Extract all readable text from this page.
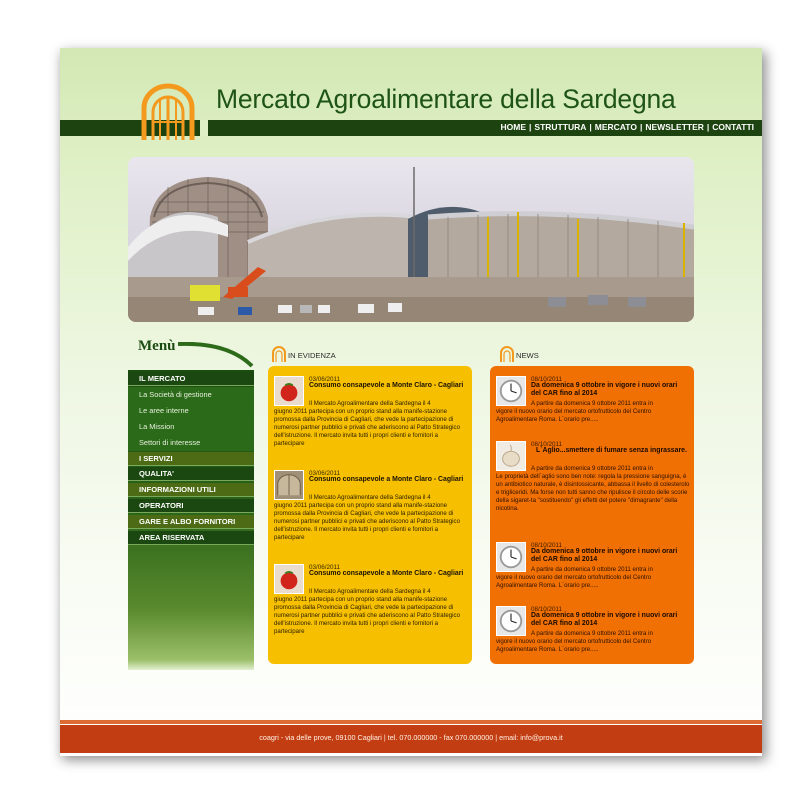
Mercato Agroalimentare della Sardegna
HOME | STRUTTURA | MERCATO | NEWSLETTER | CONTATTI
Menù
IL MERCATO
La Società di gestione
Le aree interne
La Mission
Settori di interesse
I SERVIZI
QUALITA'
INFORMAZIONI UTILI
OPERATORI
GARE E ALBO FORNITORI
AREA RISERVATA
IN EVIDENZA	NEWS
03/06/2011
Consumo consapevole a Monte Claro - Cagliari
Il Mercato Agroalimentare della Sardegna il 4
giugno 2011 partecipa con un proprio stand alla manife-stazione promossa dalla Provincia di Cagliari, che vede la partecipazione di numerosi partner pubblici e privati che aderiscono al Patto Strategico dell'istruzione. Il mercato invita tutti i propri clienti e fornitori a partecipare
03/06/2011
Consumo consapevole a Monte Claro - Cagliari
Il Mercato Agroalimentare della Sardegna il 4
giugno 2011 partecipa con un proprio stand alla manife-stazione promossa dalla Provincia di Cagliari, che vede la partecipazione di numerosi partner pubblici e privati che aderiscono al Patto Strategico dell'istruzione. Il mercato invita tutti i propri clienti e fornitori a partecipare
03/06/2011
Consumo consapevole a Monte Claro - Cagliari
Il Mercato Agroalimentare della Sardegna il 4
giugno 2011 partecipa con un proprio stand alla manife-stazione promossa dalla Provincia di Cagliari, che vede la partecipazione di numerosi partner pubblici e privati che aderiscono al Patto Strategico dell'istruzione. Il mercato invita tutti i propri clienti e fornitori a partecipare
08/10/2011
Da domenica 9 ottobre in vigore i nuovi orari del CAR fino al 2014
A partire da domenica 9 ottobre 2011 entra in
vigore il nuovo orario del mercato ortofrutticolo del Centro Agroalimentare Roma. L`orario pre.....
08/10/2011
L`Aglio...smettere di fumare senza ingrassare.
A partire da domenica 9 ottobre 2011 entra in
Le proprietà dell`aglio sono ben note: regola la pressione sanguigna, è un antibiotico naturale, è disintossicante, abbassa il livello di colesterolo e trigliceridi. Ma forse non tutti sanno che ripulisce il circolo delle scorie della sigaret-ta "sostituendo" gli effetti del potere "dimagrante" della nicotina.
08/10/2011
Da domenica 9 ottobre in vigore i nuovi orari del CAR fino al 2014
A partire da domenica 9 ottobre 2011 entra in
vigore il nuovo orario del mercato ortofrutticolo del Centro Agroalimentare Roma. L`orario pre.....
08/10/2011
Da domenica 9 ottobre in vigore i nuovi orari del CAR fino al 2014
A partire da domenica 9 ottobre 2011 entra in
vigore il nuovo orario del mercato ortofrutticolo del Centro Agroalimentare Roma. L`orario pre.....
coagri - via delle prove, 09100 Cagliari | tel. 070.000000 - fax 070.000000 | email: info@prova.it
